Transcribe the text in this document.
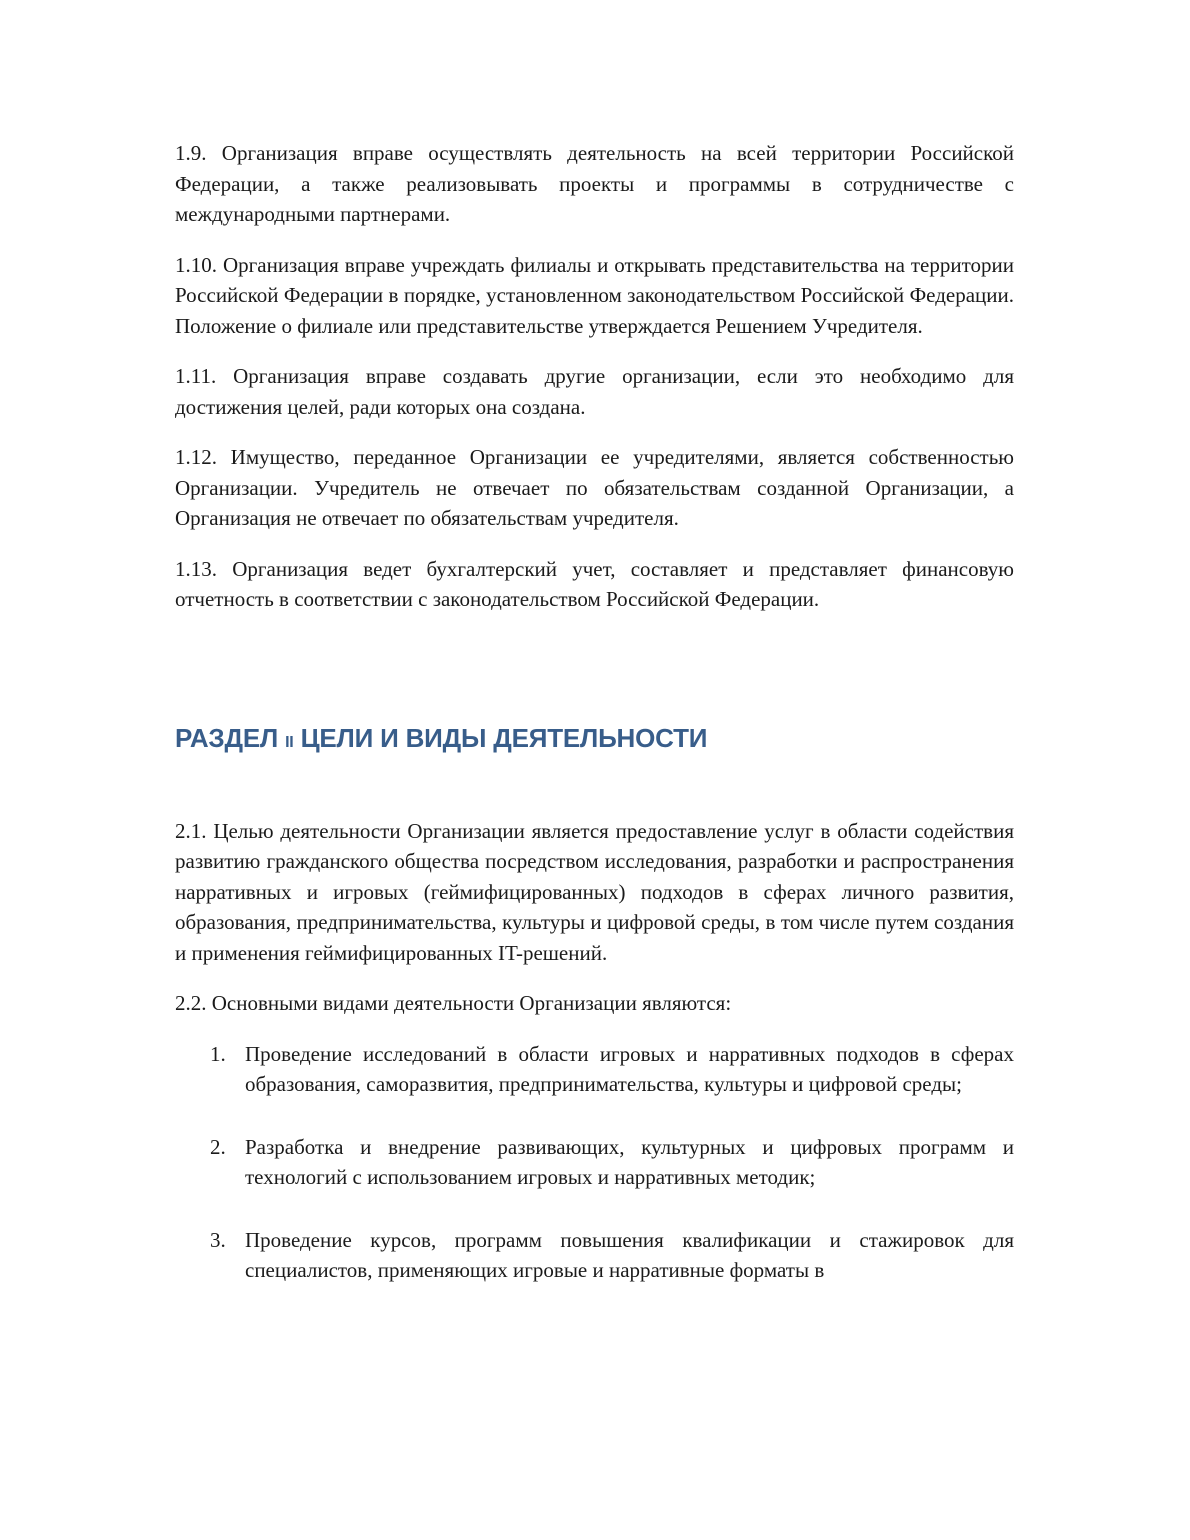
1.9. Организация вправе осуществлять деятельность на всей территории Российской Федерации, а также реализовывать проекты и программы в сотрудничестве с международными партнерами.

1.10. Организация вправе учреждать филиалы и открывать представительства на территории Российской Федерации в порядке, установленном законодательством Российской Федерации. Положение о филиале или представительстве утверждается Решением Учредителя.

1.11. Организация вправе создавать другие организации, если это необходимо для достижения целей, ради которых она создана.

1.12. Имущество, переданное Организации ее учредителями, является собственностью Организации. Учредитель не отвечает по обязательствам созданной Организации, а Организация не отвечает по обязательствам учредителя.

1.13. Организация ведет бухгалтерский учет, составляет и представляет финансовую отчетность в соответствии с законодательством Российской Федерации.

РАЗДЕЛ II ЦЕЛИ И ВИДЫ ДЕЯТЕЛЬНОСТИ

2.1. Целью деятельности Организации является предоставление услуг в области содействия развитию гражданского общества посредством исследования, разработки и распространения нарративных и игровых (геймифицированных) подходов в сферах личного развития, образования, предпринимательства, культуры и цифровой среды, в том числе путем создания и применения геймифицированных IT-решений.

2.2. Основными видами деятельности Организации являются:

1. Проведение исследований в области игровых и нарративных подходов в сферах образования, саморазвития, предпринимательства, культуры и цифровой среды;
2. Разработка и внедрение развивающих, культурных и цифровых программ и технологий с использованием игровых и нарративных методик;
3. Проведение курсов, программ повышения квалификации и стажировок для специалистов, применяющих игровые и нарративные форматы в
